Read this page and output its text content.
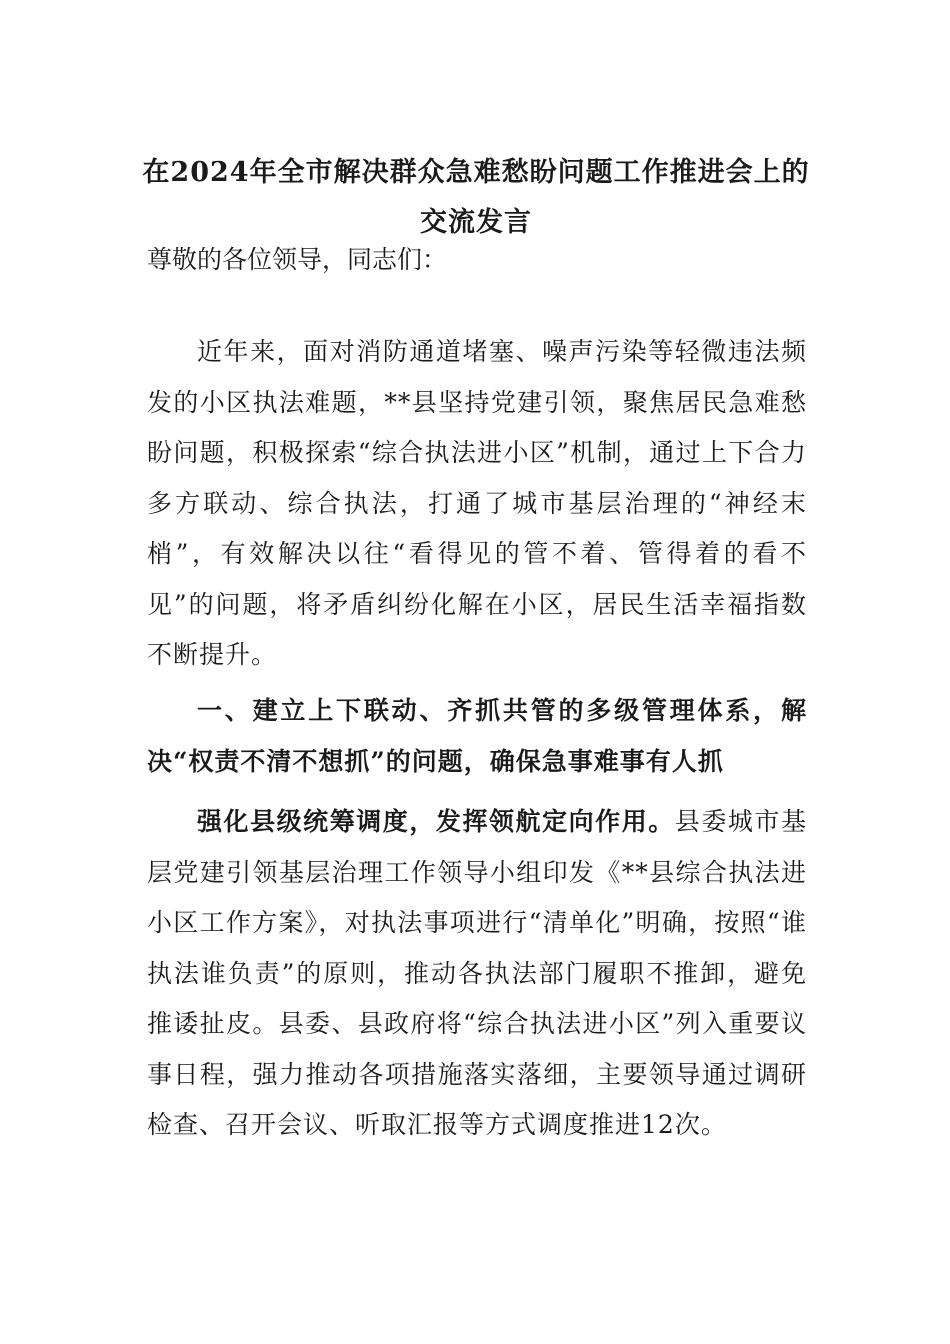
在2024年全市解决群众急难愁盼问题工作推进会上的交流发言

尊敬的各位领导，同志们：

近年来，面对消防通道堵塞、噪声污染等轻微违法频发的小区执法难题，**县坚持党建引领，聚焦居民急难愁盼问题，积极探索“综合执法进小区”机制，通过上下合力多方联动、综合执法，打通了城市基层治理的“神经末梢”，有效解决以往“看得见的管不着、管得着的看不见”的问题，将矛盾纠纷化解在小区，居民生活幸福指数不断提升。

一、建立上下联动、齐抓共管的多级管理体系，解决“权责不清不想抓”的问题，确保急事难事有人抓

强化县级统筹调度，发挥领航定向作用。县委城市基层党建引领基层治理工作领导小组印发《**县综合执法进小区工作方案》，对执法事项进行“清单化”明确，按照“谁执法谁负责”的原则，推动各执法部门履职不推卸，避免推诿扯皮。县委、县政府将“综合执法进小区”列入重要议事日程，强力推动各项措施落实落细，主要领导通过调研检查、召开会议、听取汇报等方式调度推进12次。
